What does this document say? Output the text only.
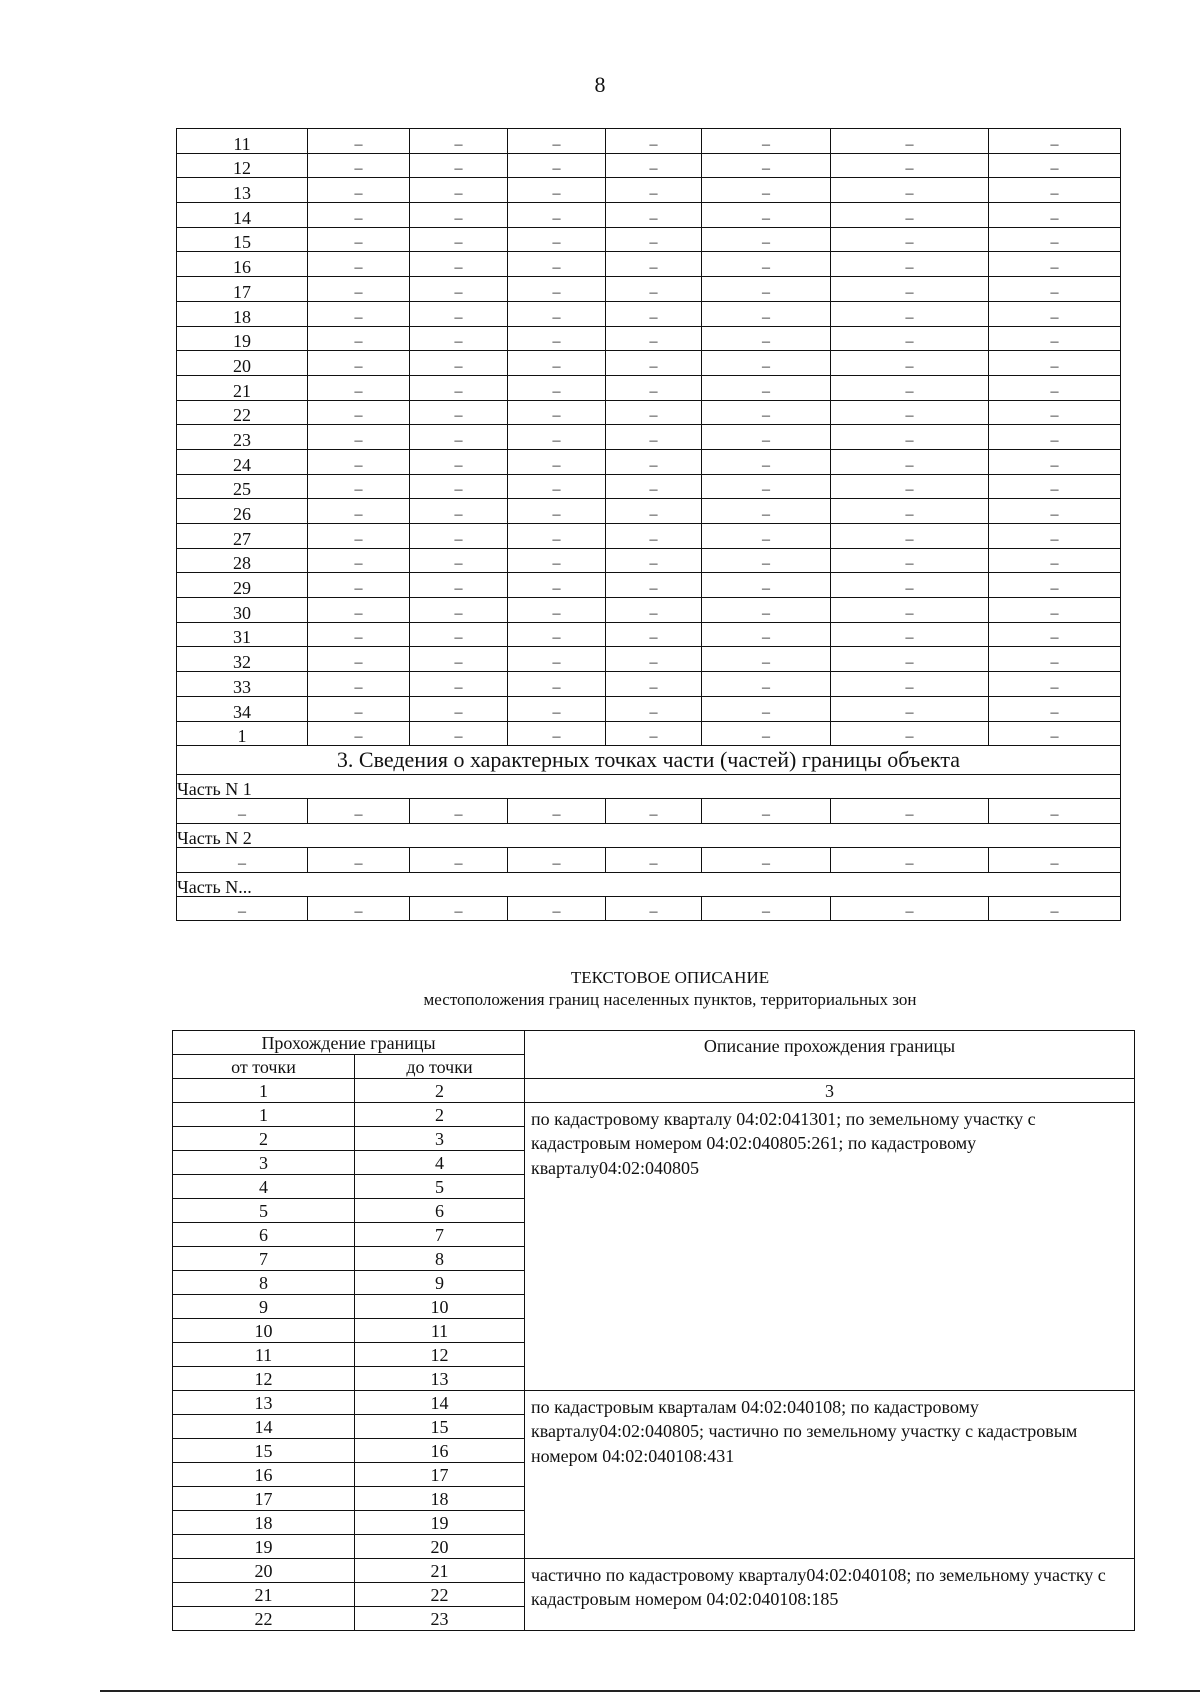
8
11	–	–	–	–	–	–	–
12	–	–	–	–	–	–	–
13	–	–	–	–	–	–	–
14	–	–	–	–	–	–	–
15	–	–	–	–	–	–	–
16	–	–	–	–	–	–	–
17	–	–	–	–	–	–	–
18	–	–	–	–	–	–	–
19	–	–	–	–	–	–	–
20	–	–	–	–	–	–	–
21	–	–	–	–	–	–	–
22	–	–	–	–	–	–	–
23	–	–	–	–	–	–	–
24	–	–	–	–	–	–	–
25	–	–	–	–	–	–	–
26	–	–	–	–	–	–	–
27	–	–	–	–	–	–	–
28	–	–	–	–	–	–	–
29	–	–	–	–	–	–	–
30	–	–	–	–	–	–	–
31	–	–	–	–	–	–	–
32	–	–	–	–	–	–	–
33	–	–	–	–	–	–	–
34	–	–	–	–	–	–	–
1	–	–	–	–	–	–	–
3. Сведения о характерных точках части (частей) границы объекта							
Часть N 1							
–	–	–	–	–	–	–	–
Часть N 2							
–	–	–	–	–	–	–	–
Часть N...							
–	–	–	–	–	–	–	–
ТЕКСТОВОЕ ОПИСАНИЕ
местоположения границ населенных пунктов, территориальных зон
Прохождение границы		Описание прохождения границы
от точки	до точки	
1	2	3
1	2	по кадастровому кварталу 04:02:041301; по земельному участку с кадастровым номером 04:02:040805:261; по кадастровому кварталу04:02:040805
2	3	
3	4	
4	5	
5	6	
6	7	
7	8	
8	9	
9	10	
10	11	
11	12	
12	13	
13	14	по кадастровым кварталам 04:02:040108; по кадастровому кварталу04:02:040805; частично по земельному участку с кадастровым номером 04:02:040108:431
14	15	
15	16	
16	17	
17	18	
18	19	
19	20	
20	21	частично по кадастровому кварталу04:02:040108; по земельному участку с кадастровым номером 04:02:040108:185
21	22	
22	23	
